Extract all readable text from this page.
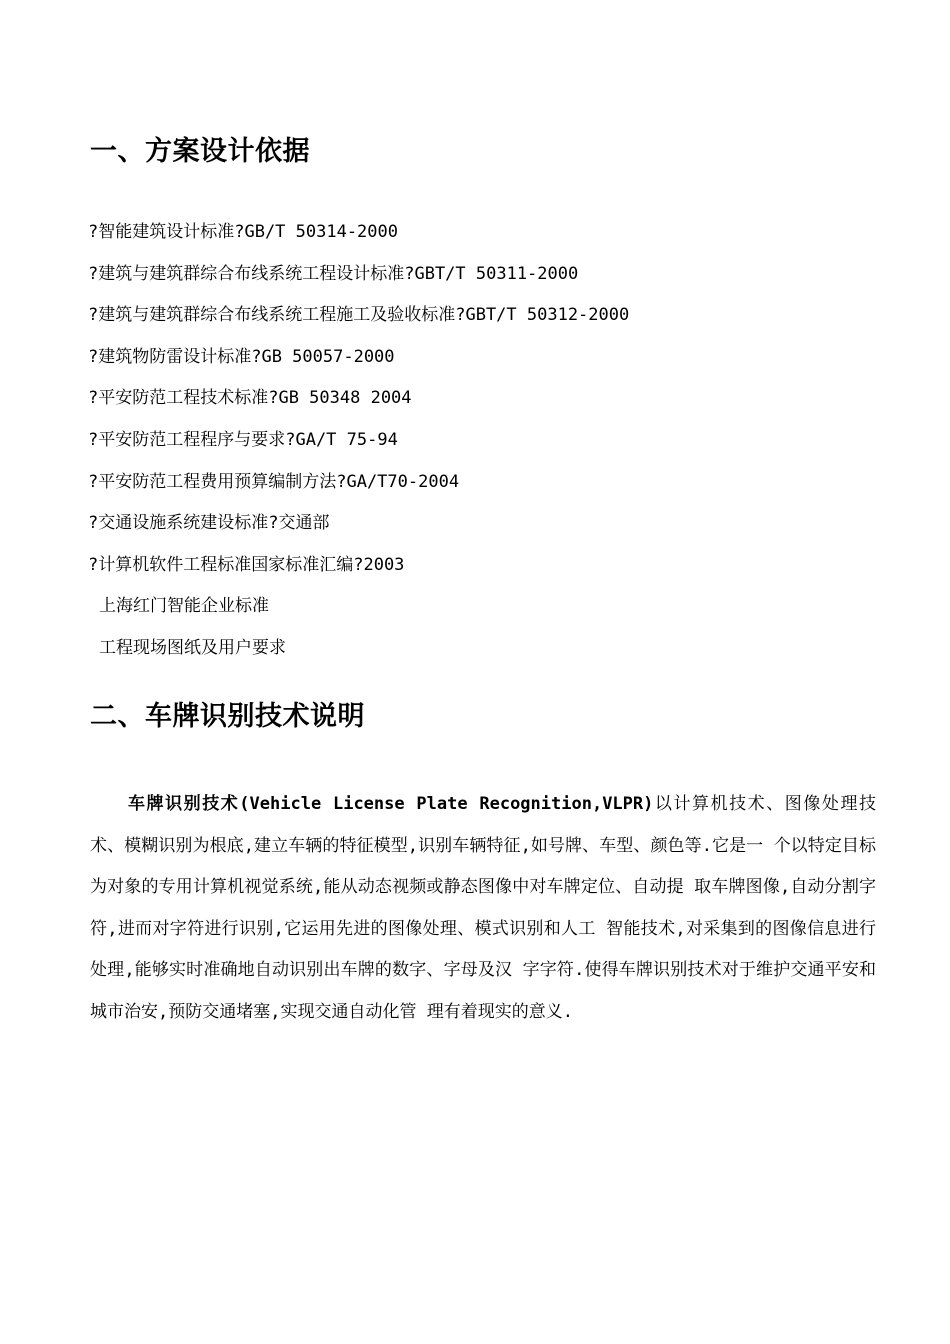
一、方案设计依据
?智能建筑设计标准?GB/T 50314-2000
?建筑与建筑群综合布线系统工程设计标准?GBT/T 50311-2000
?建筑与建筑群综合布线系统工程施工及验收标准?GBT/T 50312-2000
?建筑物防雷设计标准?GB 50057-2000
?平安防范工程技术标准?GB 50348 2004
?平安防范工程程序与要求?GA/T 75-94
?平安防范工程费用预算编制方法?GA/T70-2004
?交通设施系统建设标准?交通部
?计算机软件工程标准国家标准汇编?2003
上海红门智能企业标准
工程现场图纸及用户要求
二、车牌识别技术说明

车牌识别技术(Vehicle License Plate Recognition,VLPR)以计算机技术、图像处理技术、模糊识别为根底,建立车辆的特征模型,识别车辆特征,如号牌、车型、颜色等.它是一 个以特定目标为对象的专用计算机视觉系统,能从动态视频或静态图像中对车牌定位、自动提 取车牌图像,自动分割字符,进而对字符进行识别,它运用先进的图像处理、模式识别和人工 智能技术,对采集到的图像信息进行处理,能够实时准确地自动识别出车牌的数字、字母及汉 字字符.使得车牌识别技术对于维护交通平安和城市治安,预防交通堵塞,实现交通自动化管 理有着现实的意义.
